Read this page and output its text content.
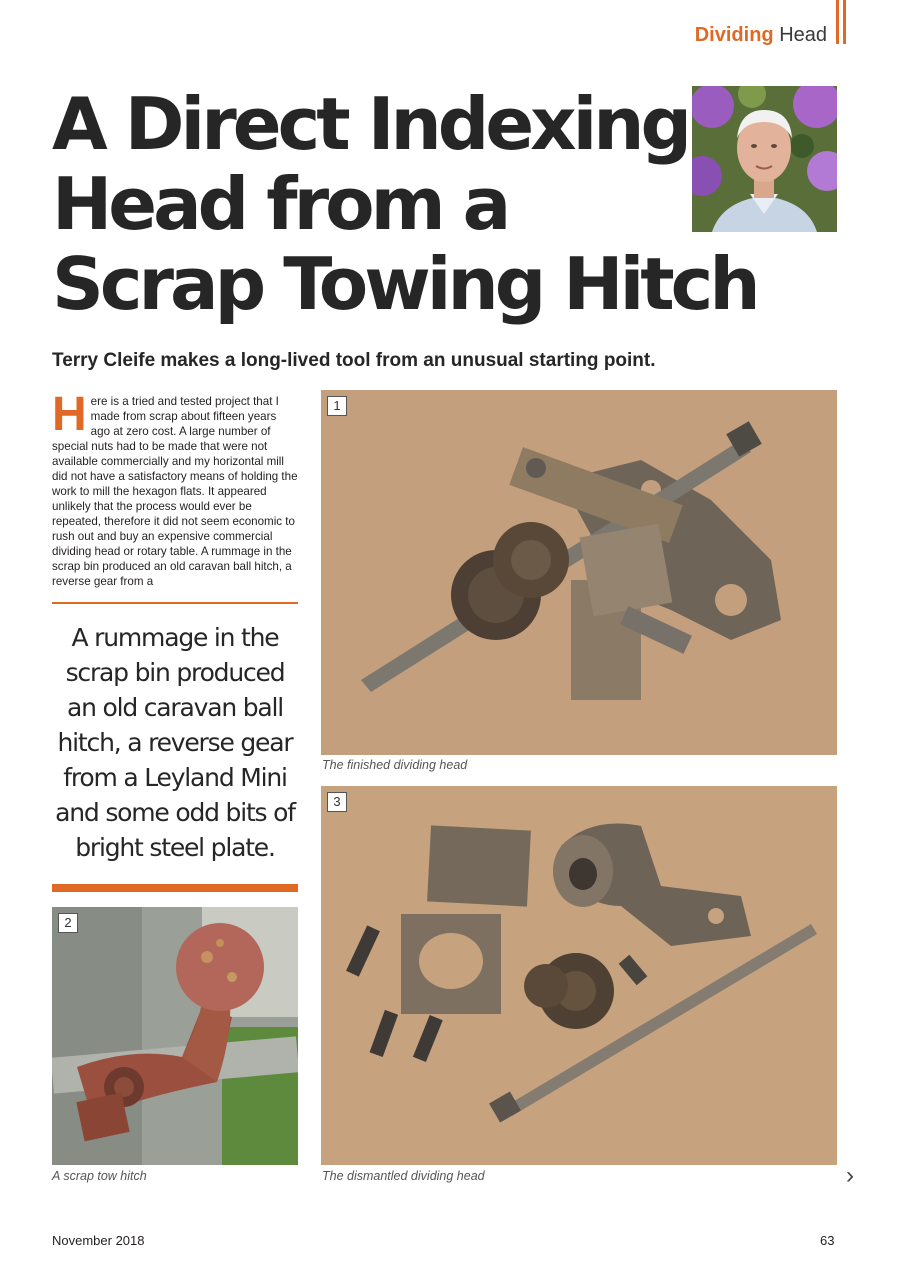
Dividing Head
A Direct Indexing
Head from a
Scrap Towing Hitch

Terry Cleife makes a long-lived tool from an unusual starting point.

Here is a tried and tested project that I made from scrap about fifteen years ago at zero cost. A large number of special nuts had to be made that were not available commercially and my horizontal mill did not have a satisfactory means of holding the work to mill the hexagon flats. It appeared unlikely that the process would ever be repeated, therefore it did not seem economic to rush out and buy an expensive commercial dividing head or rotary table. A rummage in the scrap bin produced an old caravan ball hitch, a reverse gear from a

A rummage in the
scrap bin produced
an old caravan ball
hitch, a reverse gear
from a Leyland Mini
and some odd bits of
bright steel plate.

1
The finished dividing head
2
A scrap tow hitch
3
The dismantled dividing head	›
November 2018	63
